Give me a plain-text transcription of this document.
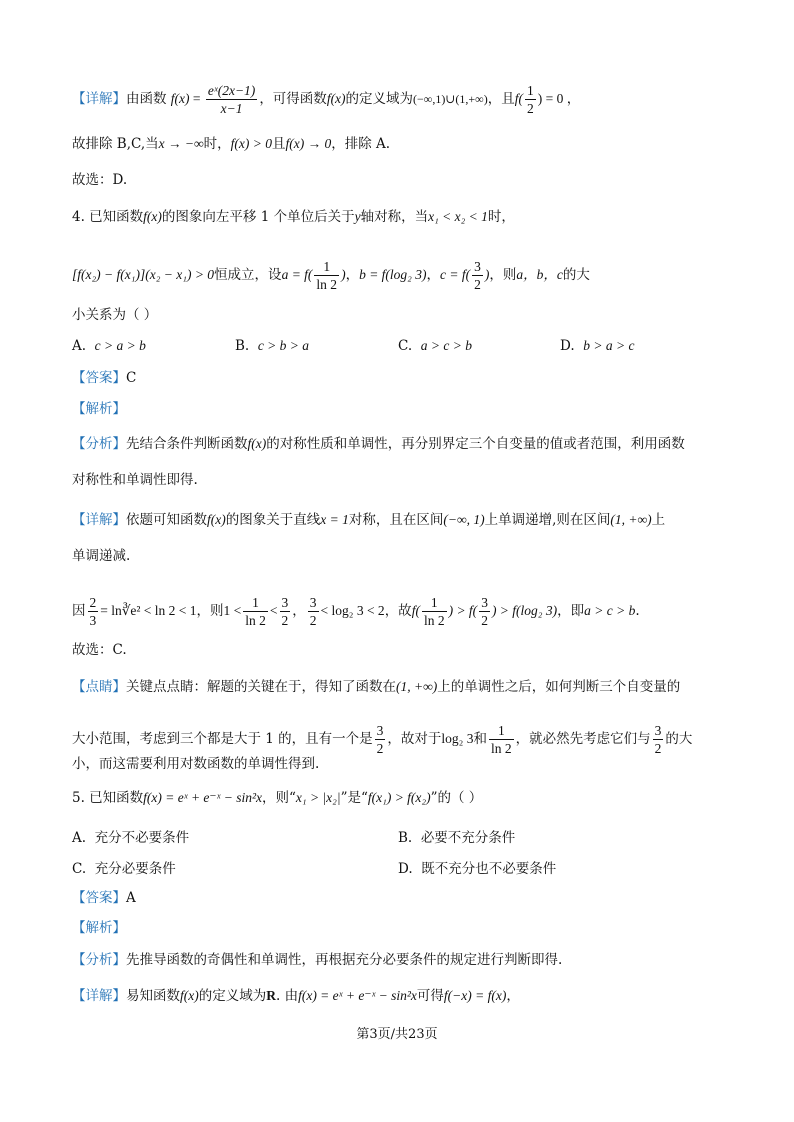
【详解】由函数 $f(x) = \frac{\text{eˣ(2x−1)}}{x-1}$ ，可得函数f(x)的定义域为(−∞,1)∪(1,+∞)，且$f( \frac{1}{2}$ ) = 0 ，
故排除 B,C,当x → −∞时，f(x) > 0且f(x) → 0，排除 A.
故选：D.
4. 已知函数f(x)的图象向左平移 1 个单位后关于y轴对称，当x₁ < x₂ < 1时，
[f(x₂) − f(x₁)](x₂ − x₁) > 0恒成立，设$a = f( \frac{1}{\ln 2}$ )，b = f(log₂ 3)，$c = f( \frac{3}{2}$ )，则a，b，c的大
小关系为（ ）
A. c > a > b	B. c > b > a	C. a > c > b	D. b > a > c
【答案】C
【解析】
【分析】先结合条件判断函数f(x)的对称性质和单调性，再分别界定三个自变量的值或者范围，利用函数
对称性和单调性即得.
【详解】依题可知函数f(x)的图象关于直线x = 1对称，且在区间(−∞, 1)上单调递增,则在区间(1, +∞)上
单调递减.
因 $\frac{2}{3}$ = ln∛e² < ln 2 < 1，则$1 < \frac{1}{\ln 2} < \frac{3}{2}$ ， $\frac{3}{2} < \log_2$ 3 < 2，故$f( \frac{1}{\ln 2}$ ) > $f( \frac{3}{2}$ ) > f(log₂ 3)，即a > c > b.
故选：C.
【点睛】关键点点睛：解题的关键在于，得知了函数在(1, +∞)上的单调性之后，如何判断三个自变量的
大小范围，考虑到三个都是大于 1 的，且有一个是 $\frac{3}{2}$ ，故对于log₂ 3和 $\frac{1}{\ln 2}$ ，就必然先考虑它们与 $\frac{3}{2}$ 的大
小，而这需要利用对数函数的单调性得到.
5. 已知函数f(x) = eˣ + e⁻ˣ − sin²x，则“x₁ > |x₂|”是“f(x₁) > f(x₂)”的（ ）
A. 充分不必要条件	B. 必要不充分条件
C. 充分必要条件	D. 既不充分也不必要条件
【答案】A
【解析】
【分析】先推导函数的奇偶性和单调性，再根据充分必要条件的规定进行判断即得.
【详解】易知函数f(x)的定义域为R. 由f(x) = eˣ + e⁻ˣ − sin²x可得f(−x) = f(x)，
第3页/共23页
